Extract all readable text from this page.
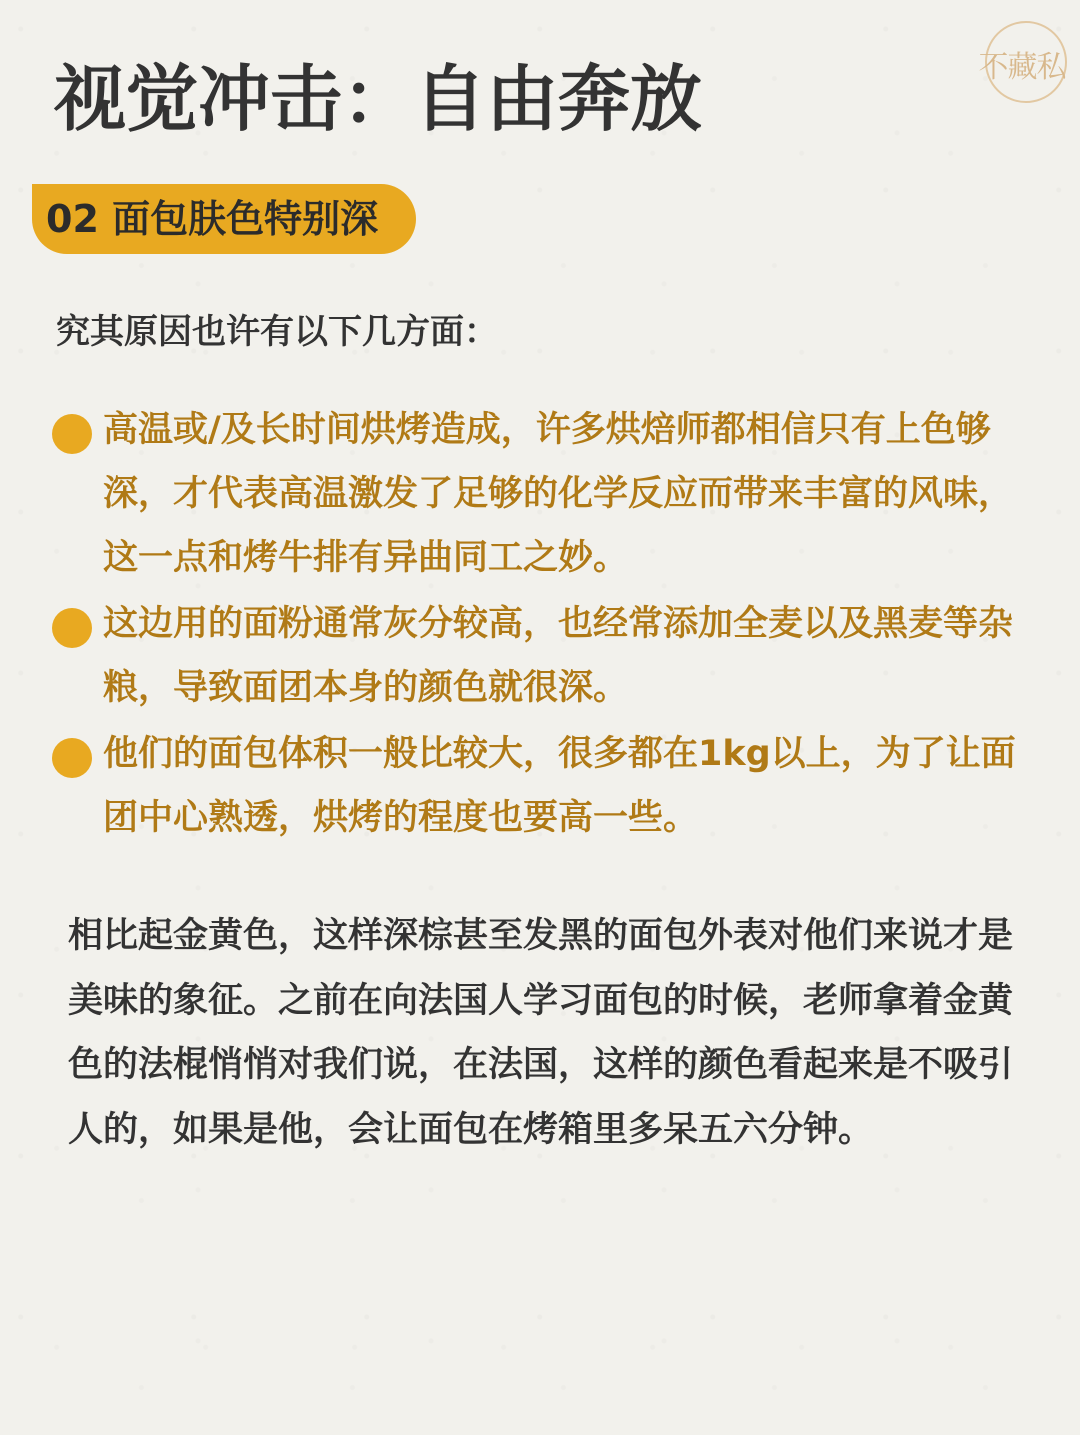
不藏私
视觉冲击：自由奔放
02 面包肤色特别深

究其原因也许有以下几方面：

高温或/及长时间烘烤造成，许多烘焙师都相信只有上色够深，才代表高温激发了足够的化学反应而带来丰富的风味，这一点和烤牛排有异曲同工之妙。
这边用的面粉通常灰分较高，也经常添加全麦以及黑麦等杂粮，导致面团本身的颜色就很深。
他们的面包体积一般比较大，很多都在1kg以上，为了让面团中心熟透，烘烤的程度也要高一些。

相比起金黄色，这样深棕甚至发黑的面包外表对他们来说才是美味的象征。之前在向法国人学习面包的时候，老师拿着金黄色的法棍悄悄对我们说，在法国，这样的颜色看起来是不吸引人的，如果是他，会让面包在烤箱里多呆五六分钟。
